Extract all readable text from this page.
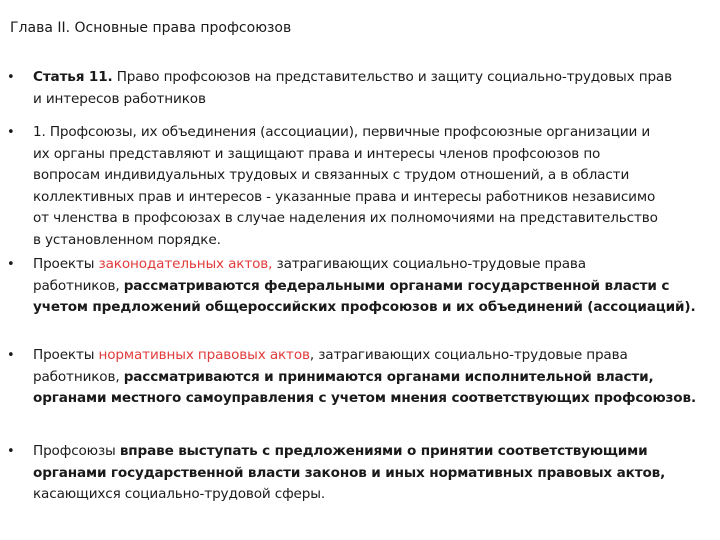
Глава II. Основные права профсоюзов
• Статья 11. Право профсоюзов на представительство и защиту социально-трудовых прав
и интересов работников

• 1. Профсоюзы, их объединения (ассоциации), первичные профсоюзные организации и
их органы представляют и защищают права и интересы членов профсоюзов по
вопросам индивидуальных трудовых и связанных с трудом отношений, а в области
коллективных прав и интересов - указанные права и интересы работников независимо
от членства в профсоюзах в случае наделения их полномочиями на представительство
в установленном порядке.

• Проекты законодательных актов, затрагивающих социально-трудовые права
работников, рассматриваются федеральными органами государственной власти с
учетом предложений общероссийских профсоюзов и их объединений (ассоциаций).

• Проекты нормативных правовых актов, затрагивающих социально-трудовые права
работников, рассматриваются и принимаются органами исполнительной власти,
органами местного самоуправления с учетом мнения соответствующих профсоюзов.

• Профсоюзы вправе выступать с предложениями о принятии соответствующими
органами государственной власти законов и иных нормативных правовых актов,
касающихся социально-трудовой сферы.
